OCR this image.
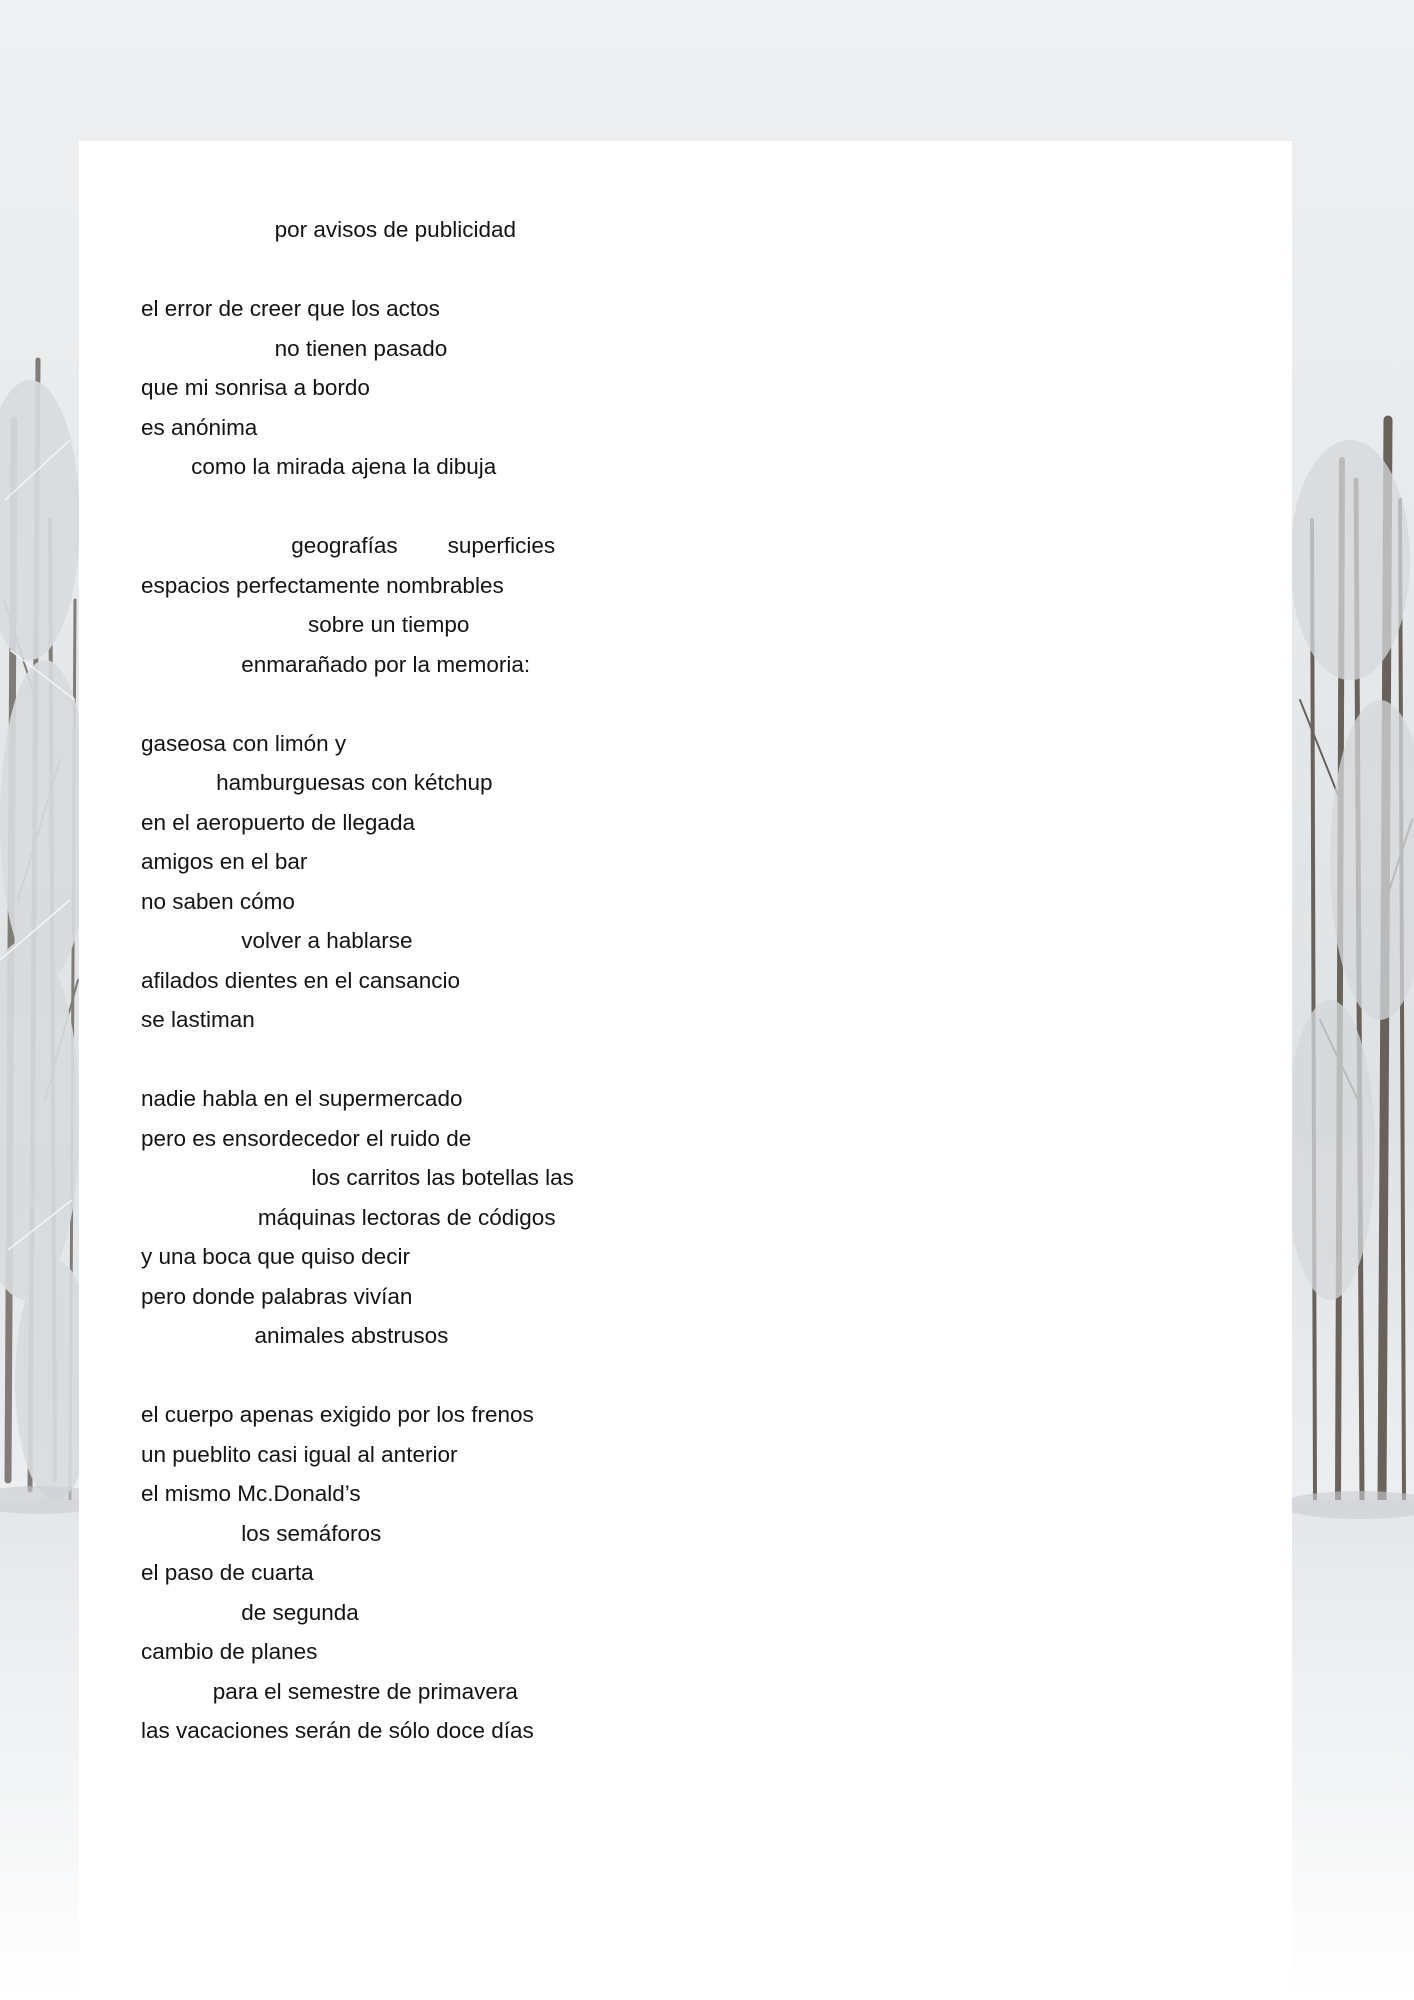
por avisos de publicidad
el error de creer que los actos
no tienen pasado
que mi sonrisa a bordo
es anónima
como la mirada ajena la dibuja
geografías        superficies
espacios perfectamente nombrables
sobre un tiempo
enmarañado por la memoria:
gaseosa con limón y
hamburguesas con kétchup
en el aeropuerto de llegada
amigos en el bar
no saben cómo
volver a hablarse
afilados dientes en el cansancio
se lastiman
nadie habla en el supermercado
pero es ensordecedor el ruido de
los carritos las botellas las
máquinas lectoras de códigos
y una boca que quiso decir
pero donde palabras vivían
animales abstrusos
el cuerpo apenas exigido por los frenos
un pueblito casi igual al anterior
el mismo Mc.Donald’s
los semáforos
el paso de cuarta
de segunda
cambio de planes
para el semestre de primavera
las vacaciones serán de sólo doce días
